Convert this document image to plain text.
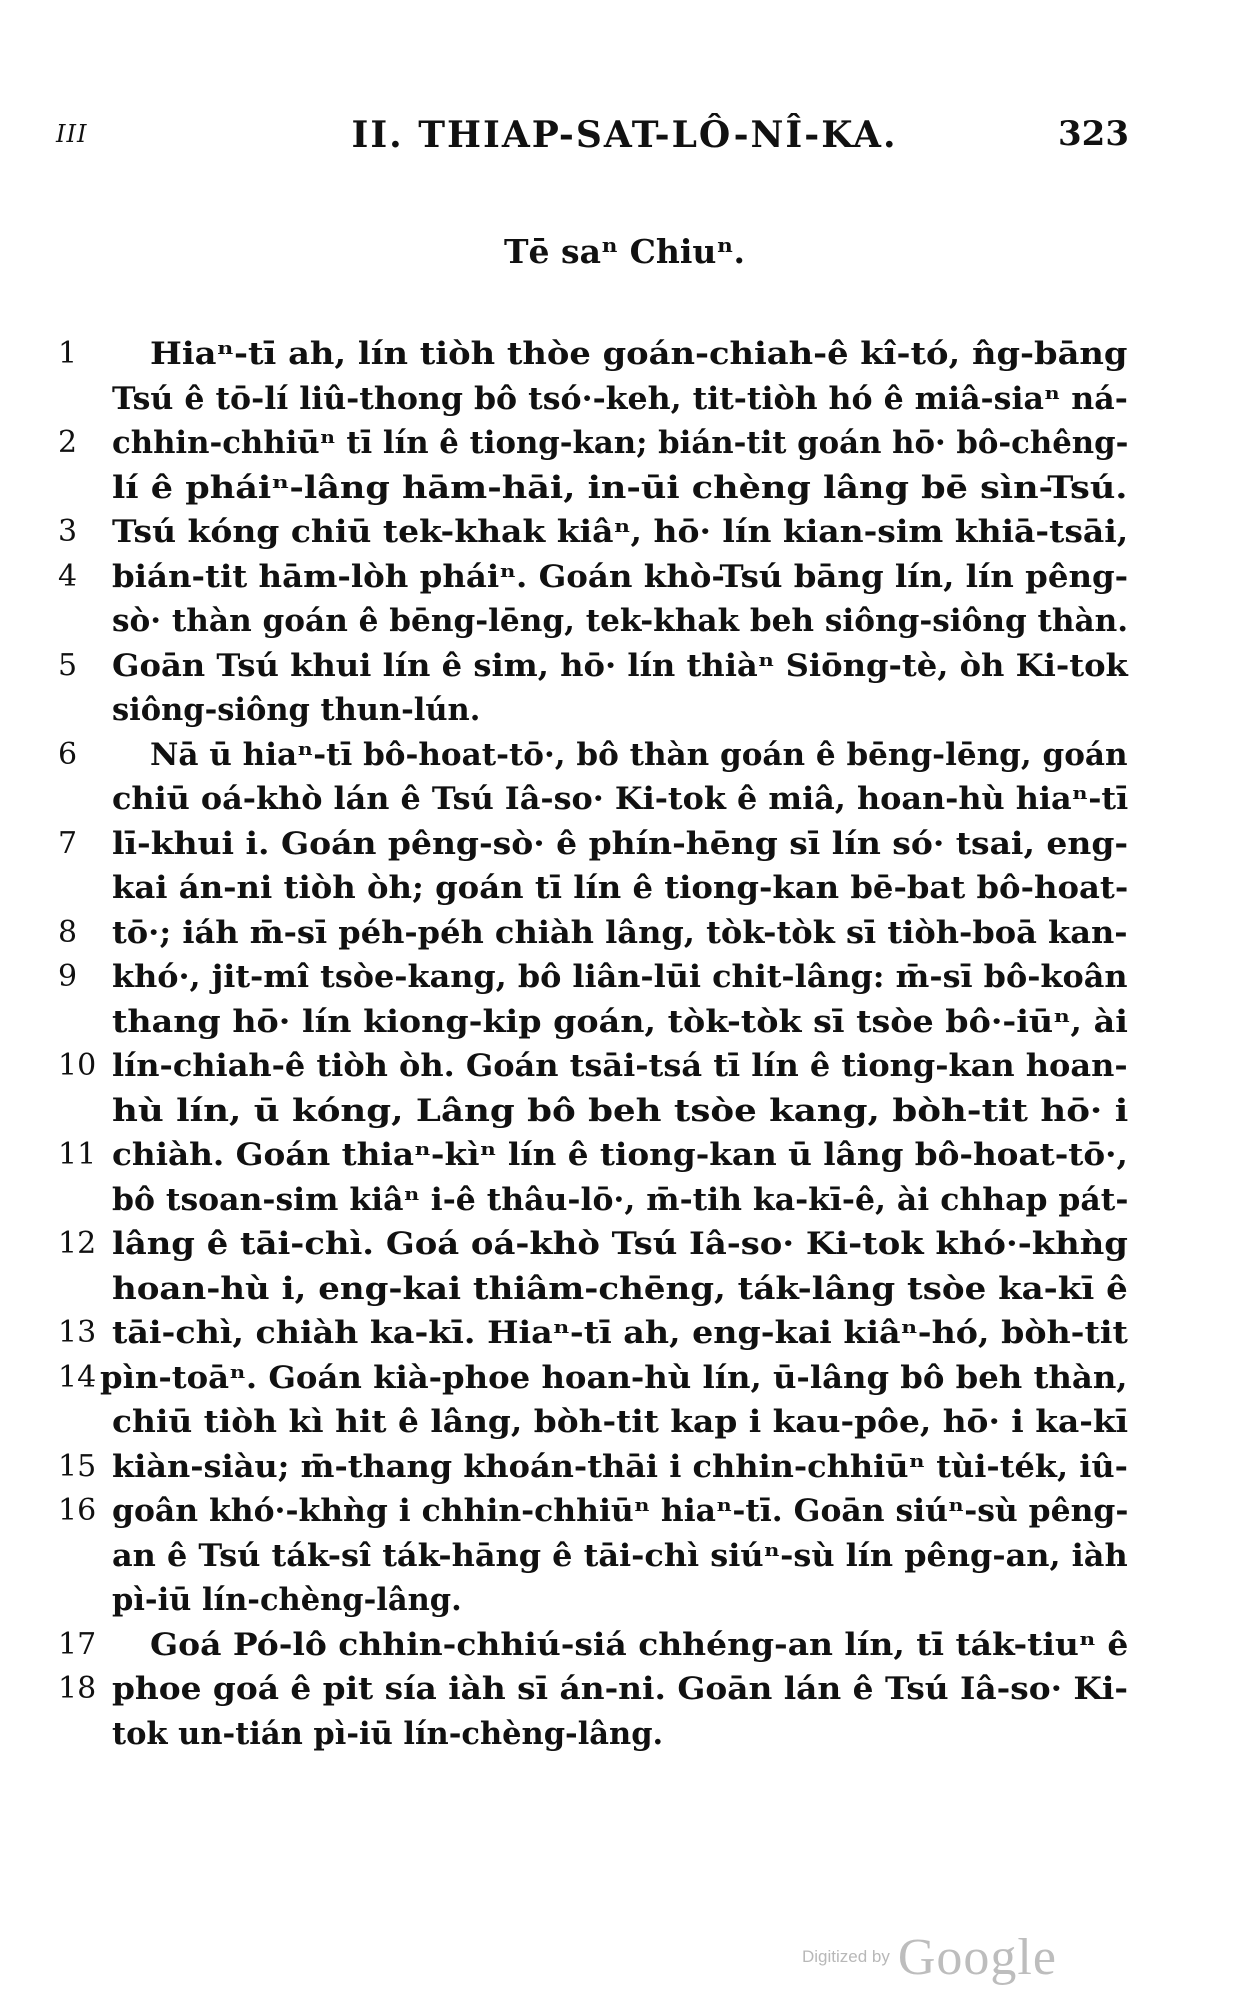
III	II. THIAP-SAT-LÔ-NÎ-KA.	323
Tē saⁿ Chiuⁿ.
1	Hiaⁿ-tī ah, lín tiòh thòe goán-chiah-ê kî-tó, n̂g-bāng
Tsú ê tō-lí liû-thong bô tsó·-keh, tit-tiòh hó ê miâ-siaⁿ ná-
2	chhin-chhiūⁿ tī lín ê tiong-kan; bián-tit goán hō· bô-chêng-
lí ê pháiⁿ-lâng hām-hāi, in-ūi chèng lâng bē sìn-Tsú.
3	Tsú kóng chiū tek-khak kiâⁿ, hō· lín kian-sim khiā-tsāi,
4	bián-tit hām-lòh pháiⁿ. Goán khò-Tsú bāng lín, lín pêng-
sò· thàn goán ê bēng-lēng, tek-khak beh siông-siông thàn.
5	Goān Tsú khui lín ê sim, hō· lín thiàⁿ Siōng-tè, òh Ki-tok
siông-siông thun-lún.
6	Nā ū hiaⁿ-tī bô-hoat-tō·, bô thàn goán ê bēng-lēng, goán
chiū oá-khò lán ê Tsú Iâ-so· Ki-tok ê miâ, hoan-hù hiaⁿ-tī
7	lī-khui i. Goán pêng-sò· ê phín-hēng sī lín só· tsai, eng-
kai án-ni tiòh òh; goán tī lín ê tiong-kan bē-bat bô-hoat-
8	tō·; iáh m̄-sī péh-péh chiàh lâng, tòk-tòk sī tiòh-boā kan-
9	khó·, jit-mî tsòe-kang, bô liân-lūi chit-lâng: m̄-sī bô-koân
thang hō· lín kiong-kip goán, tòk-tòk sī tsòe bô·-iūⁿ, ài
10 lín-chiah-ê tiòh òh. Goán tsāi-tsá tī lín ê tiong-kan hoan-
hù lín, ū kóng, Lâng bô beh tsòe kang, bòh-tit hō· i
11 chiàh. Goán thiaⁿ-kìⁿ lín ê tiong-kan ū lâng bô-hoat-tō·,
bô tsoan-sim kiâⁿ i-ê thâu-lō·, m̄-tih ka-kī-ê, ài chhap pát-
12 lâng ê tāi-chì. Goá oá-khò Tsú Iâ-so· Ki-tok khó·-khǹg
hoan-hù i, eng-kai thiâm-chēng, ták-lâng tsòe ka-kī ê
13 tāi-chì, chiàh ka-kī. Hiaⁿ-tī ah, eng-kai kiâⁿ-hó, bòh-tit
14 pìn-toāⁿ. Goán kià-phoe hoan-hù lín, ū-lâng bô beh thàn,
chiū tiòh kì hit ê lâng, bòh-tit kap i kau-pôe, hō· i ka-kī
15 kiàn-siàu; m̄-thang khoán-thāi i chhin-chhiūⁿ tùi-ték, iû-
16 goân khó·-khǹg i chhin-chhiūⁿ hiaⁿ-tī. Goān siúⁿ-sù pêng-
an ê Tsú ták-sî ták-hāng ê tāi-chì siúⁿ-sù lín pêng-an, iàh
pì-iū lín-chèng-lâng.
17	Goá Pó-lô chhin-chhiú-siá chhéng-an lín, tī ták-tiuⁿ ê
18 phoe goá ê pit sía iàh sī án-ni. Goān lán ê Tsú Iâ-so· Ki-
tok un-tián pì-iū lín-chèng-lâng.
Digitized by Google
